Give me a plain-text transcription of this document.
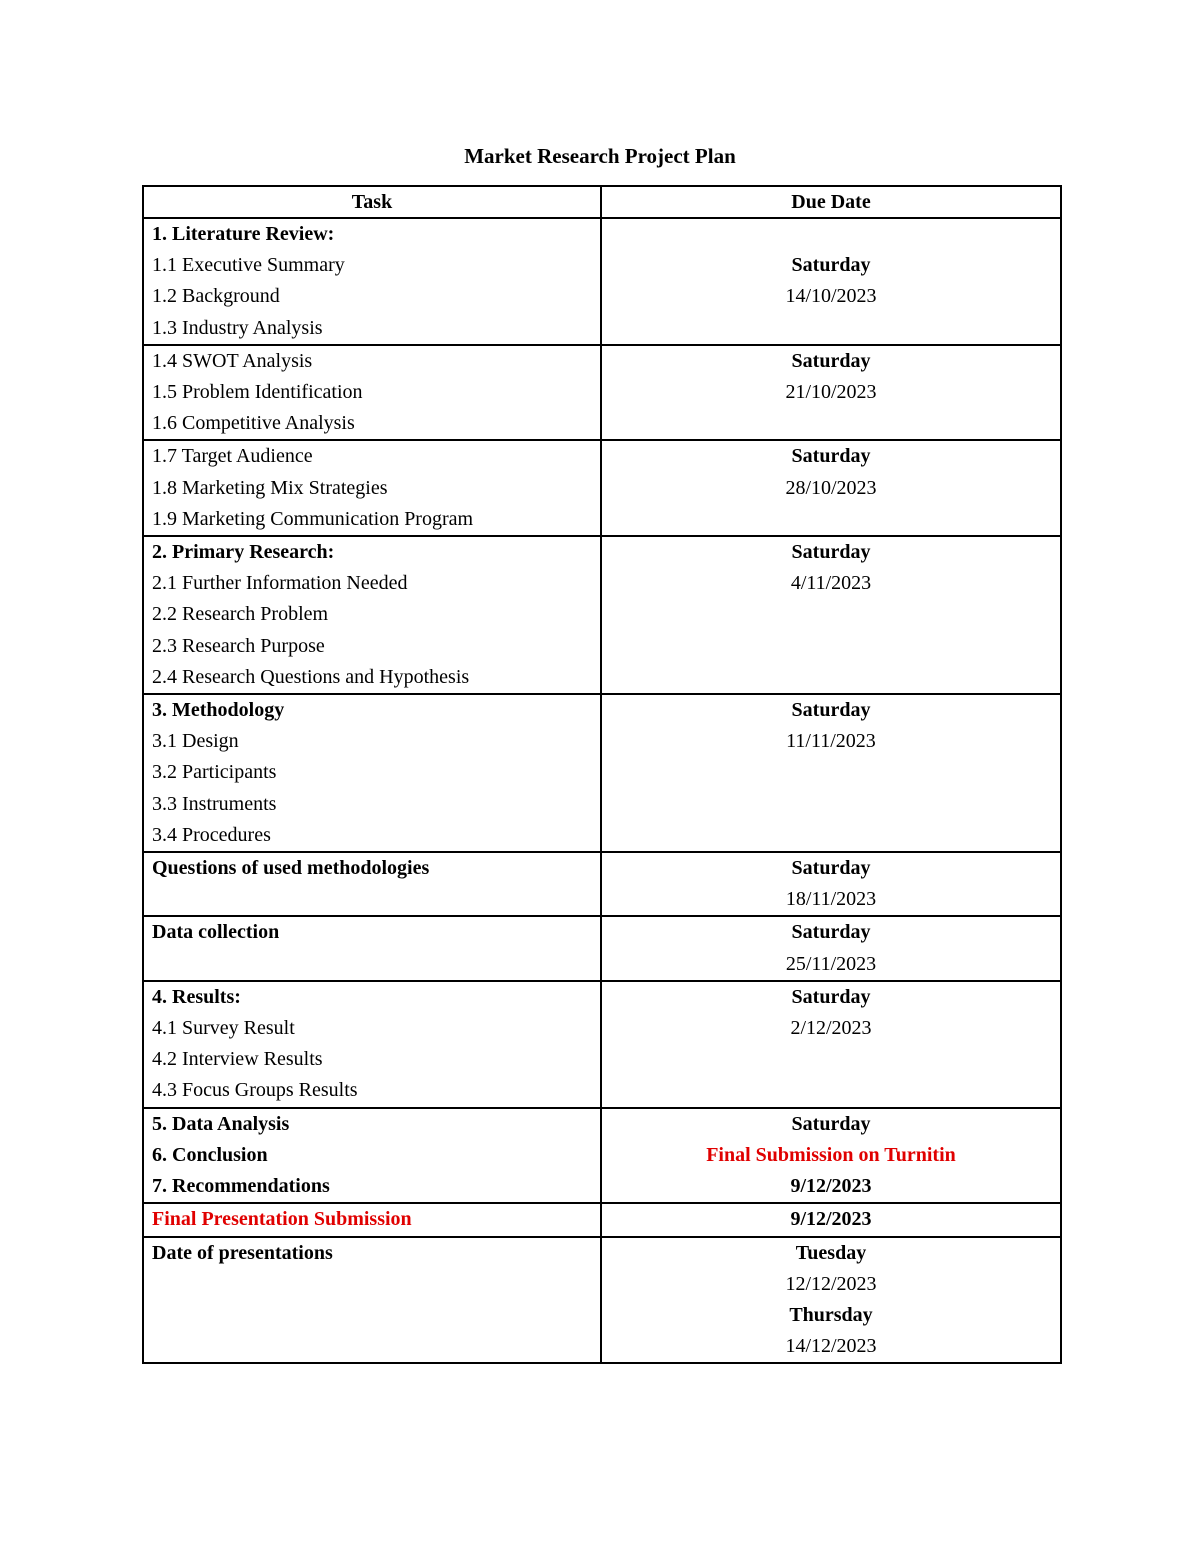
Market Research Project Plan
Task	Due Date

1. Literature Review:
1.1 Executive Summary
1.2 Background
1.3 Industry Analysis	Saturday
14/10/2023

1.4 SWOT Analysis
1.5 Problem Identification
1.6 Competitive Analysis	Saturday
21/10/2023

1.7 Target Audience
1.8 Marketing Mix Strategies
1.9 Marketing Communication Program	Saturday
28/10/2023

2. Primary Research:
2.1 Further Information Needed
2.2 Research Problem
2.3 Research Purpose
2.4 Research Questions and Hypothesis	Saturday
4/11/2023

3. Methodology
3.1 Design
3.2 Participants
3.3 Instruments
3.4 Procedures	Saturday
11/11/2023

Questions of used methodologies	Saturday
18/11/2023

Data collection	Saturday
25/11/2023

4. Results:
4.1 Survey Result
4.2 Interview Results
4.3 Focus Groups Results	Saturday
2/12/2023

5. Data Analysis
6. Conclusion
7. Recommendations	Saturday
Final Submission on Turnitin
9/12/2023

Final Presentation Submission	9/12/2023

Date of presentations	Tuesday
12/12/2023
Thursday
14/12/2023
